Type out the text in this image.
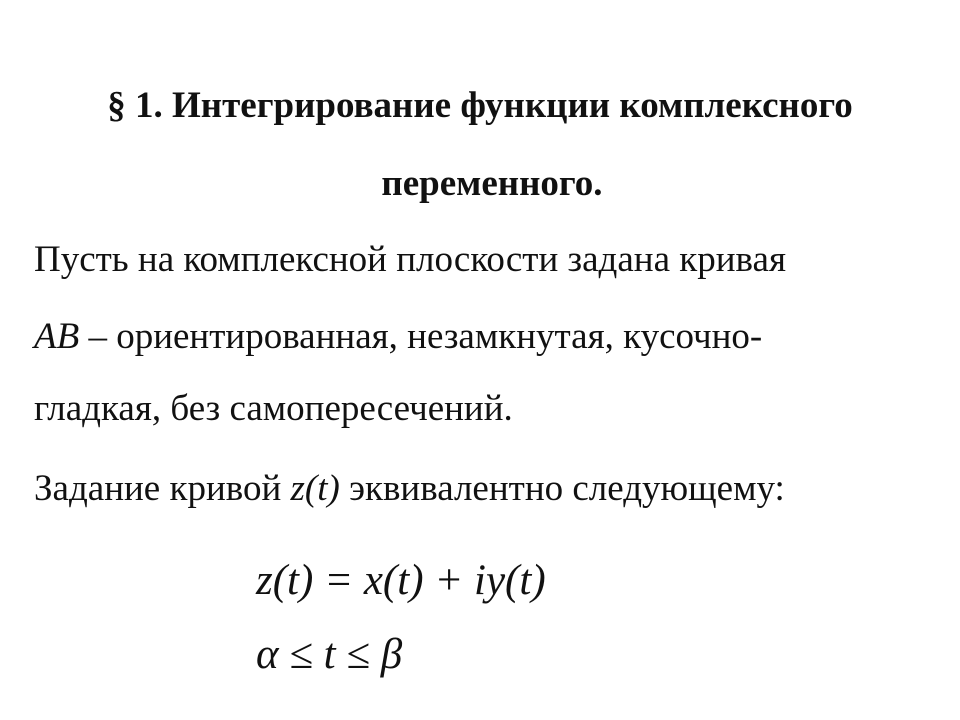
§ 1. Интегрирование функции комплексного
переменного.
Пусть на комплексной плоскости задана кривая
AB – ориентированная, незамкнутая, кусочно-
гладкая, без самопересечений.
Задание кривой z(t) эквивалентно следующему:
z(t) = x(t) + iy(t)
α ≤ t ≤ β
